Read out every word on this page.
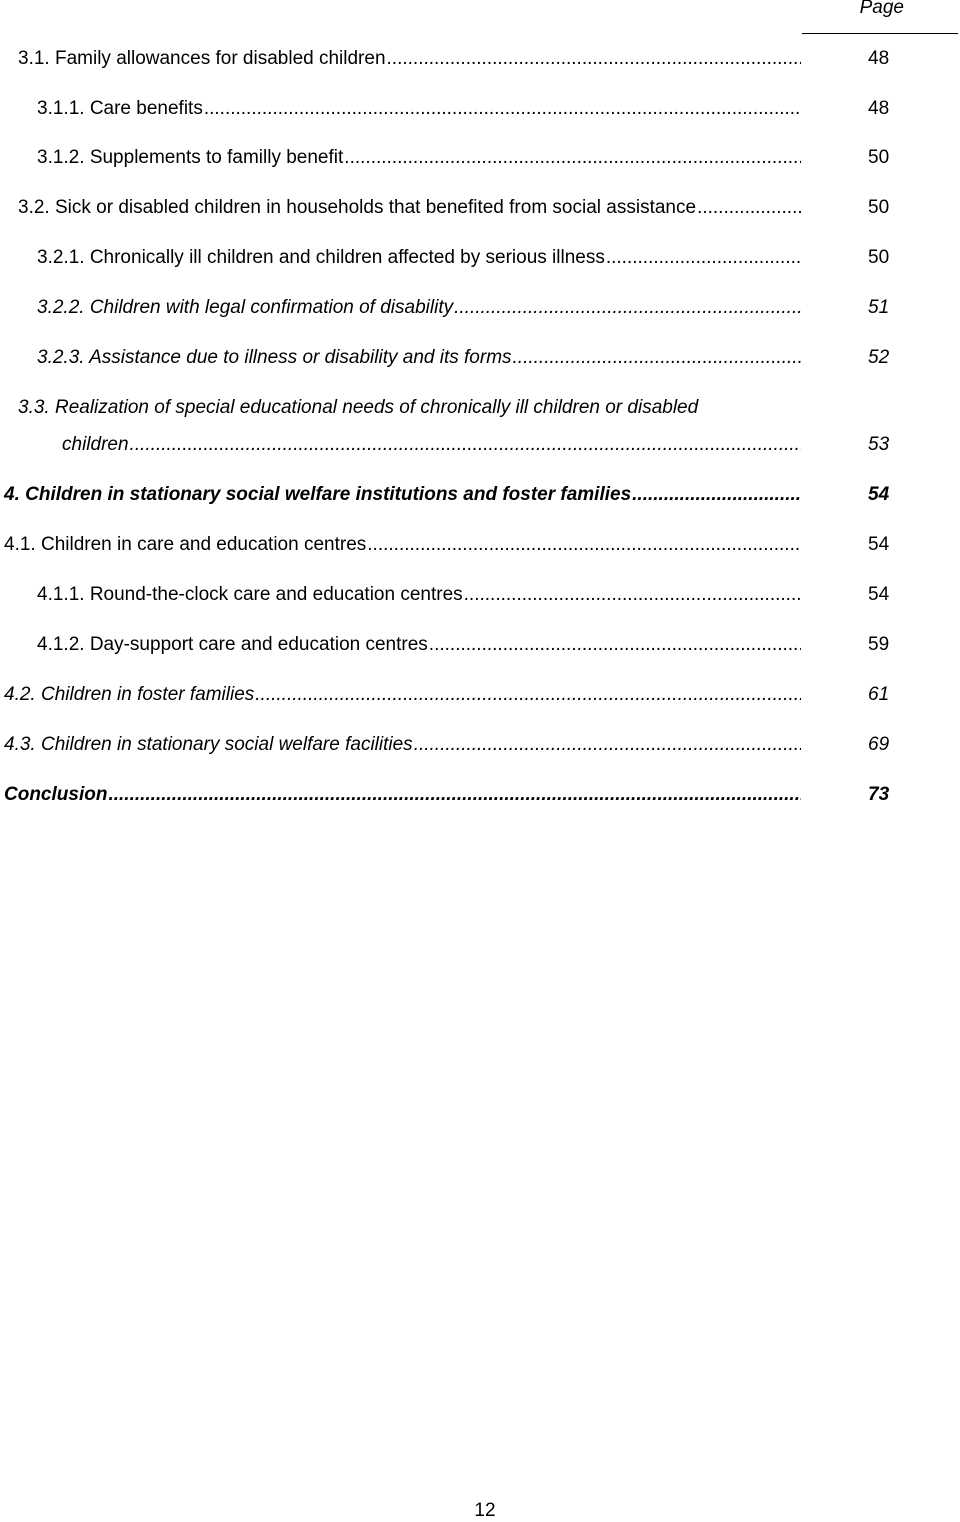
Page
3.1. Family allowances for disabled children .....	48
3.1.1. Care benefits .....	48
3.1.2. Supplements to familly benefit .....	50
3.2. Sick or disabled children in households that benefited from social assistance .....	50
3.2.1. Chronically ill children and children affected by serious illness .....	50
3.2.2. Children with legal confirmation of disability .....	51
3.2.3. Assistance due to illness or disability and its forms .....	52
3.3. Realization of special educational needs of chronically ill children or disabled
children .....	53
4. Children in stationary social welfare institutions and foster families .....	54
4.1. Children in care and education centres .....	54
4.1.1. Round-the-clock care and education centres .....	54
4.1.2. Day-support care and education centres .....	59
4.2. Children in foster families .....	61
4.3. Children in stationary social welfare facilities .....	69
Conclusion .....	73
12
